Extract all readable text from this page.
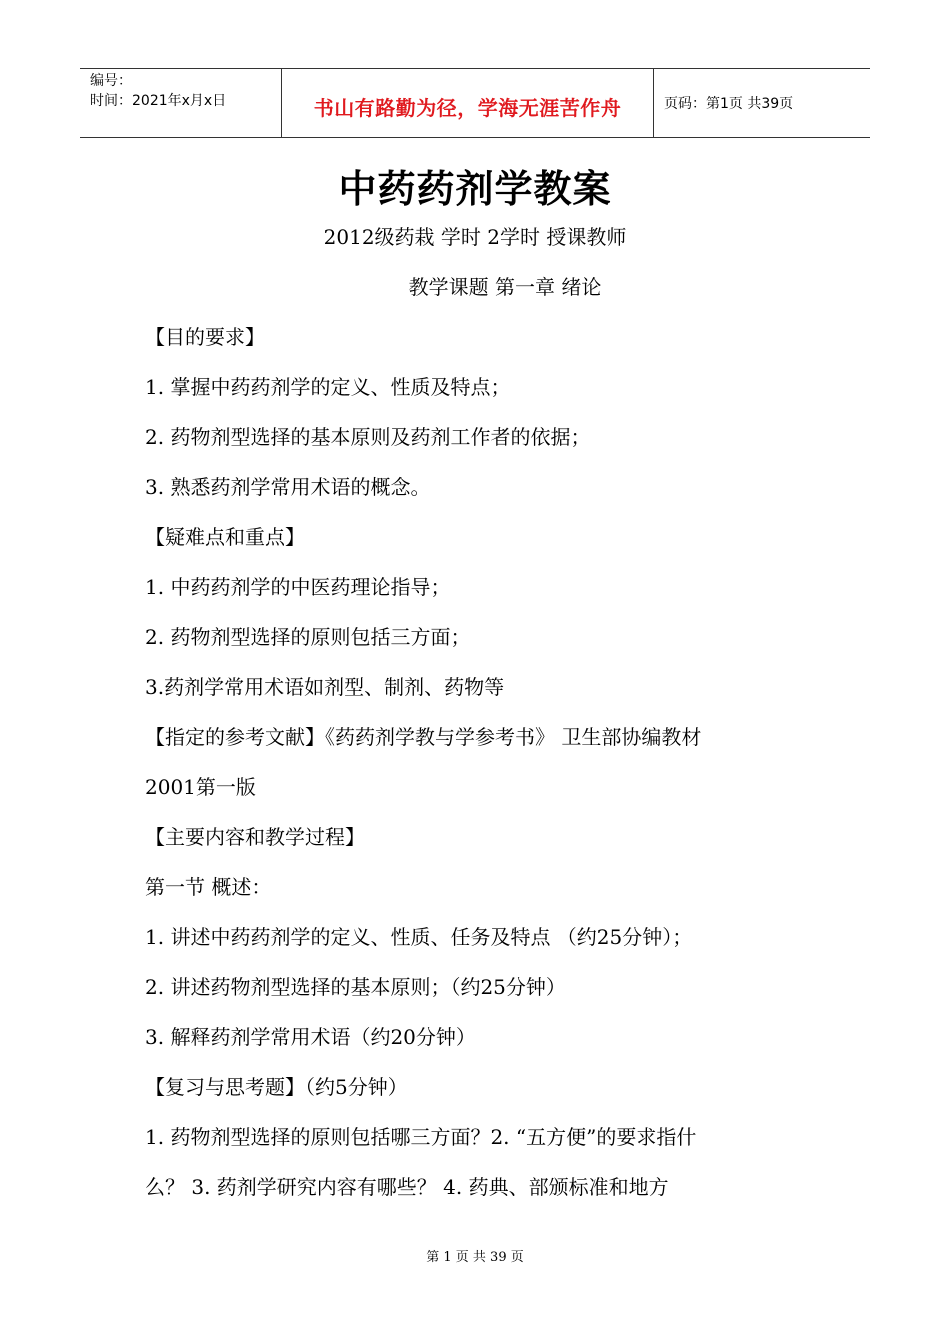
编号：
时间：2021年x月x日	书山有路勤为径，学海无涯苦作舟	页码：第1页 共39页
中药药剂学教案
2012级药栽 学时 2学时 授课教师
教学课题 第一章 绪论
【目的要求】
1. 掌握中药药剂学的定义、性质及特点；
2. 药物剂型选择的基本原则及药剂工作者的依据；
3. 熟悉药剂学常用术语的概念。
【疑难点和重点】
1. 中药药剂学的中医药理论指导；
2. 药物剂型选择的原则包括三方面；
3.药剂学常用术语如剂型、制剂、药物等
【指定的参考文献】《药药剂学教与学参考书》 卫生部协编教材
2001第一版
【主要内容和教学过程】
第一节 概述：
1. 讲述中药药剂学的定义、性质、任务及特点 （约25分钟）；
2. 讲述药物剂型选择的基本原则；（约25分钟）
3. 解释药剂学常用术语（约20分钟）
【复习与思考题】（约5分钟）
1. 药物剂型选择的原则包括哪三方面？2. “五方便”的要求指什
么？ 3. 药剂学研究内容有哪些？ 4. 药典、部颁标准和地方
第 1 页 共 39 页
